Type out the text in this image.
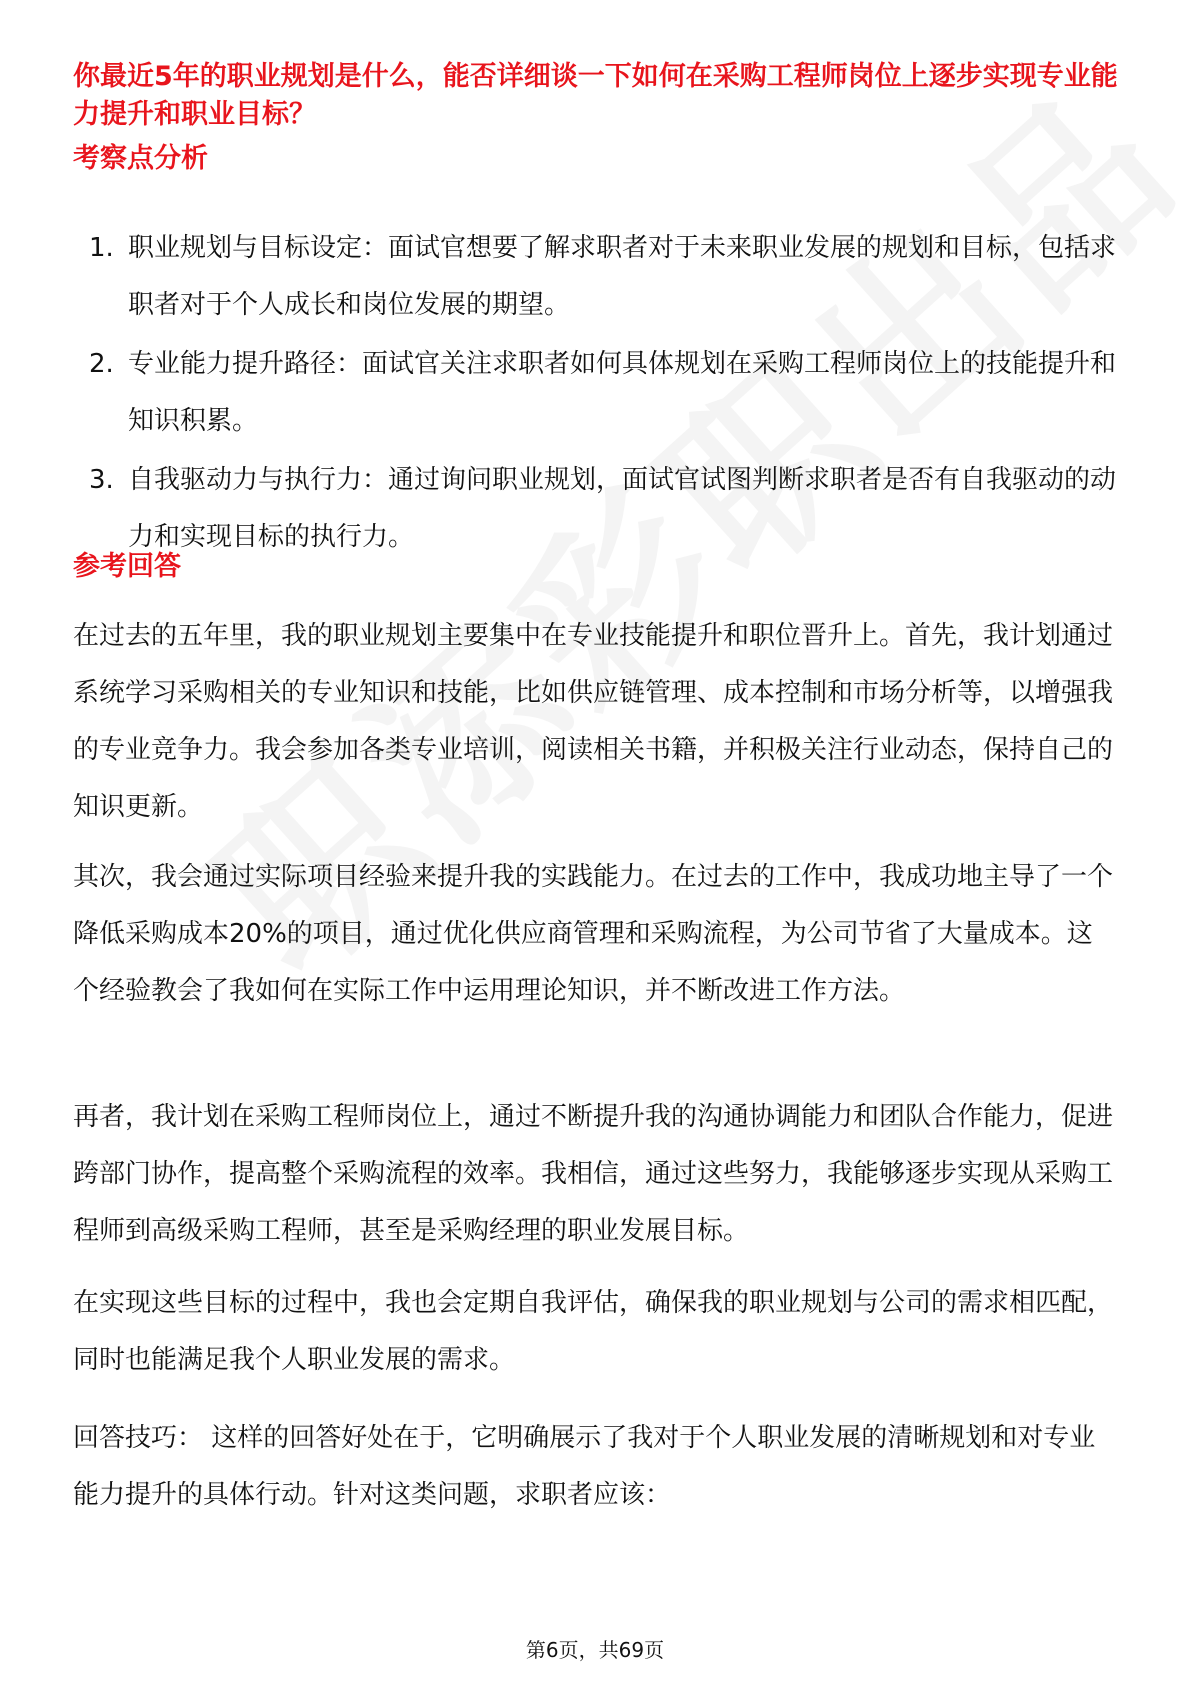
你最近5年的职业规划是什么，能否详细谈一下如何在采购工程师岗位上逐步实现专业能力提升和职业目标？
考察点分析
1. 职业规划与目标设定：面试官想要了解求职者对于未来职业发展的规划和目标，包括求职者对于个人成长和岗位发展的期望。
2. 专业能力提升路径：面试官关注求职者如何具体规划在采购工程师岗位上的技能提升和知识积累。
3. 自我驱动力与执行力：通过询问职业规划，面试官试图判断求职者是否有自我驱动的动力和实现目标的执行力。
参考回答

在过去的五年里，我的职业规划主要集中在专业技能提升和职位晋升上。首先，我计划通过系统学习采购相关的专业知识和技能，比如供应链管理、成本控制和市场分析等，以增强我的专业竞争力。我会参加各类专业培训，阅读相关书籍，并积极关注行业动态，保持自己的知识更新。

其次，我会通过实际项目经验来提升我的实践能力。在过去的工作中，我成功地主导了一个降低采购成本20%的项目，通过优化供应商管理和采购流程，为公司节省了大量成本。这个经验教会了我如何在实际工作中运用理论知识，并不断改进工作方法。

再者，我计划在采购工程师岗位上，通过不断提升我的沟通协调能力和团队合作能力，促进跨部门协作，提高整个采购流程的效率。我相信，通过这些努力，我能够逐步实现从采购工程师到高级采购工程师，甚至是采购经理的职业发展目标。

在实现这些目标的过程中，我也会定期自我评估，确保我的职业规划与公司的需求相匹配，同时也能满足我个人职业发展的需求。

回答技巧： 这样的回答好处在于，它明确展示了我对于个人职业发展的清晰规划和对专业能力提升的具体行动。针对这类问题，求职者应该：

第6页，共69页
